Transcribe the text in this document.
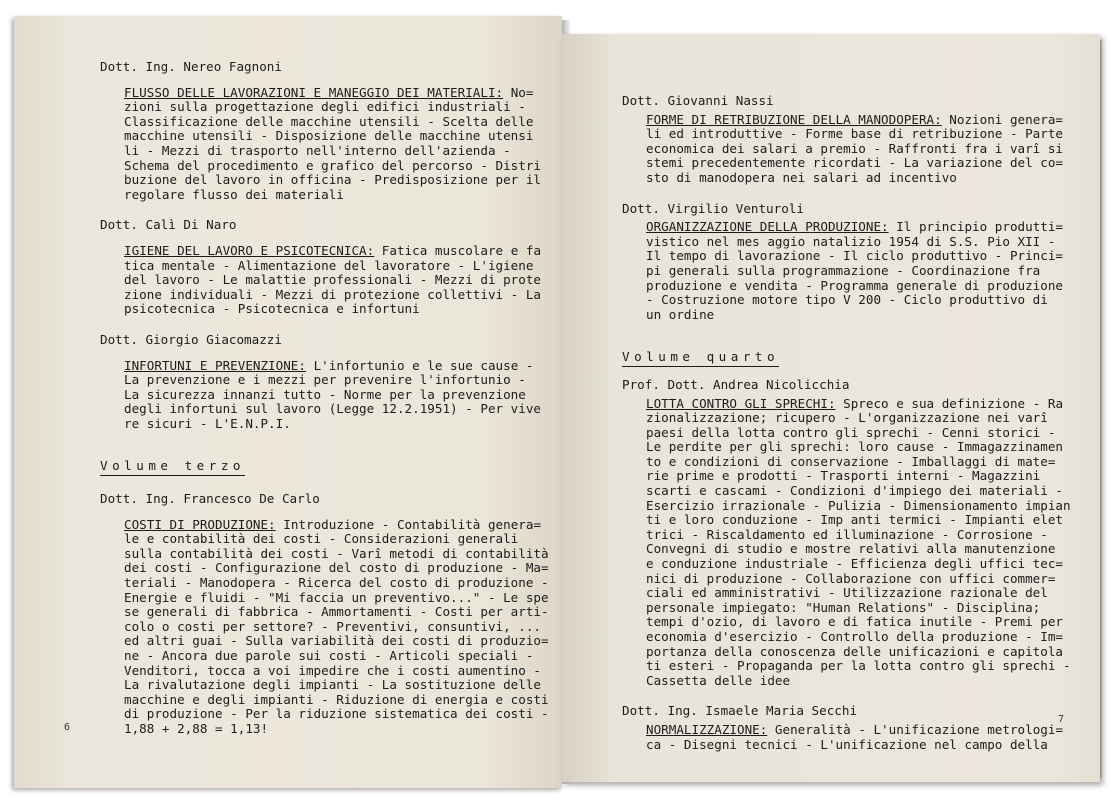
Dott. Ing. Nereo Fagnoni
FLUSSO DELLE LAVORAZIONI E MANEGGIO DEI MATERIALI: No=
zioni sulla progettazione degli edifici industriali -
Classificazione delle macchine utensili - Scelta delle
macchine utensili - Disposizione delle macchine utensi
li - Mezzi di trasporto nell'interno dell'azienda -
Schema del procedimento e grafico del percorso - Distri
buzione del lavoro in officina - Predisposizione per il
regolare flusso dei materiali
Dott. Calì Di Naro
IGIENE DEL LAVORO E PSICOTECNICA: Fatica muscolare e fa
tica mentale - Alimentazione del lavoratore - L'igiene
del lavoro - Le malattie professionali - Mezzi di prote
zione individuali - Mezzi di protezione collettivi - La
psicotecnica - Psicotecnica e infortuni
Dott. Giorgio Giacomazzi
INFORTUNI E PREVENZIONE: L'infortunio e le sue cause -
La prevenzione e i mezzi per prevenire l'infortunio -
La sicurezza innanzi tutto - Norme per la prevenzione
degli infortuni sul lavoro (Legge 12.2.1951) - Per vive
re sicuri - L'E.N.P.I.
Volume terzo
Dott. Ing. Francesco De Carlo
COSTI DI PRODUZIONE: Introduzione - Contabilità genera=
le e contabilità dei costi - Considerazioni generali
sulla contabilità dei costi - Varî metodi di contabilità
dei costi - Configurazione del costo di produzione - Ma=
teriali - Manodopera - Ricerca del costo di produzione -
Energie e fluidi - "Mi faccia un preventivo..." - Le spe
se generali di fabbrica - Ammortamenti - Costi per arti-
colo o costi per settore? - Preventivi, consuntivi, ...
ed altri guai - Sulla variabilità dei costi di produzio=
ne - Ancora due parole sui costi - Articoli speciali -
Venditori, tocca a voi impedire che i costi aumentino -
La rivalutazione degli impianti - La sostituzione delle
macchine e degli impianti - Riduzione di energia e costi
di produzione - Per la riduzione sistematica dei costi -
1,88 + 2,88 = 1,13!
6
Dott. Giovanni Nassi
FORME DI RETRIBUZIONE DELLA MANODOPERA: Nozioni genera=
li ed introduttive - Forme base di retribuzione - Parte
economica dei salari a premio - Raffronti fra i varî si
stemi precedentemente ricordati - La variazione del co=
sto di manodopera nei salari ad incentivo
Dott. Virgilio Venturoli
ORGANIZZAZIONE DELLA PRODUZIONE: Il principio produtti=
vistico nel mes aggio natalizio 1954 di S.S. Pio XII -
Il tempo di lavorazione - Il ciclo produttivo - Princi=
pi generali sulla programmazione - Coordinazione fra
produzione e vendita - Programma generale di produzione
- Costruzione motore tipo V 200 - Ciclo produttivo di
un ordine
Volume quarto
Prof. Dott. Andrea Nicolicchia
LOTTA CONTRO GLI SPRECHI: Spreco e sua definizione - Ra
zionalizzazione; ricupero - L'organizzazione nei varî
paesi della lotta contro gli sprechi - Cenni storici -
Le perdite per gli sprechi: loro cause - Immagazzinamen
to e condizioni di conservazione - Imballaggi di mate=
rie prime e prodotti - Trasporti interni - Magazzini
scarti e cascami - Condizioni d'impiego dei materiali -
Esercizio irrazionale - Pulizia - Dimensionamento impian
ti e loro conduzione - Imp anti termici - Impianti elet
trici - Riscaldamento ed illuminazione - Corrosione -
Convegni di studio e mostre relativi alla manutenzione
e conduzione industriale - Efficienza degli uffici tec=
nici di produzione - Collaborazione con uffici commer=
ciali ed amministrativi - Utilizzazione razionale del
personale impiegato: "Human Relations" - Disciplina;
tempi d'ozio, di lavoro e di fatica inutile - Premi per
economia d'esercizio - Controllo della produzione - Im=
portanza della conoscenza delle unificazioni e capitola
ti esteri - Propaganda per la lotta contro gli sprechi -
Cassetta delle idee
Dott. Ing. Ismaele Maria Secchi
NORMALIZZAZIONE: Generalità - L'unificazione metrologi=
ca - Disegni tecnici - L'unificazione nel campo della
7
